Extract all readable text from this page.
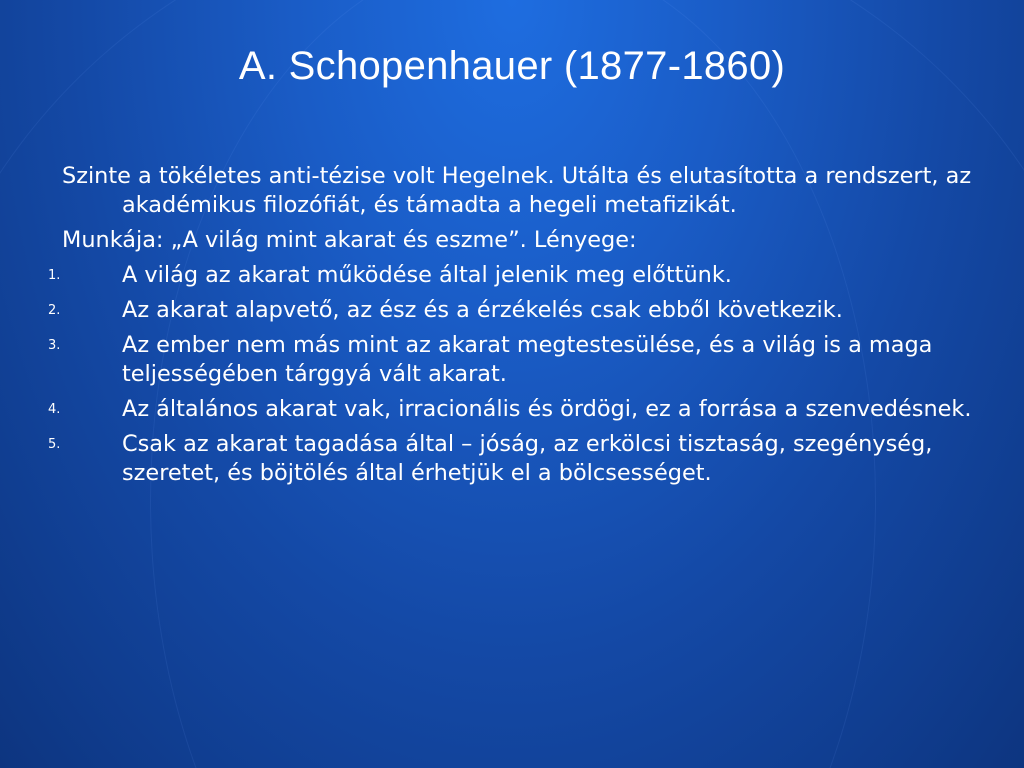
A. Schopenhauer (1877-1860)

Szinte a tökéletes anti-tézise volt Hegelnek. Utálta és elutasította a rendszert, az akadémikus filozófiát, és támadta a hegeli metafizikát.

Munkája: „A világ mint akarat és eszme”. Lényege:

1.	A világ az akarat működése által jelenik meg előttünk.
2.	Az akarat alapvető, az ész és a érzékelés csak ebből következik.
3.	Az ember nem más mint az akarat megtestesülése, és a világ is a maga teljességében tárggyá vált akarat.
4.	Az általános akarat vak, irracionális és ördögi, ez a forrása a szenvedésnek.
5.	Csak az akarat tagadása által – jóság, az erkölcsi tisztaság, szegénység, szeretet, és böjtölés által érhetjük el a bölcsességet.
